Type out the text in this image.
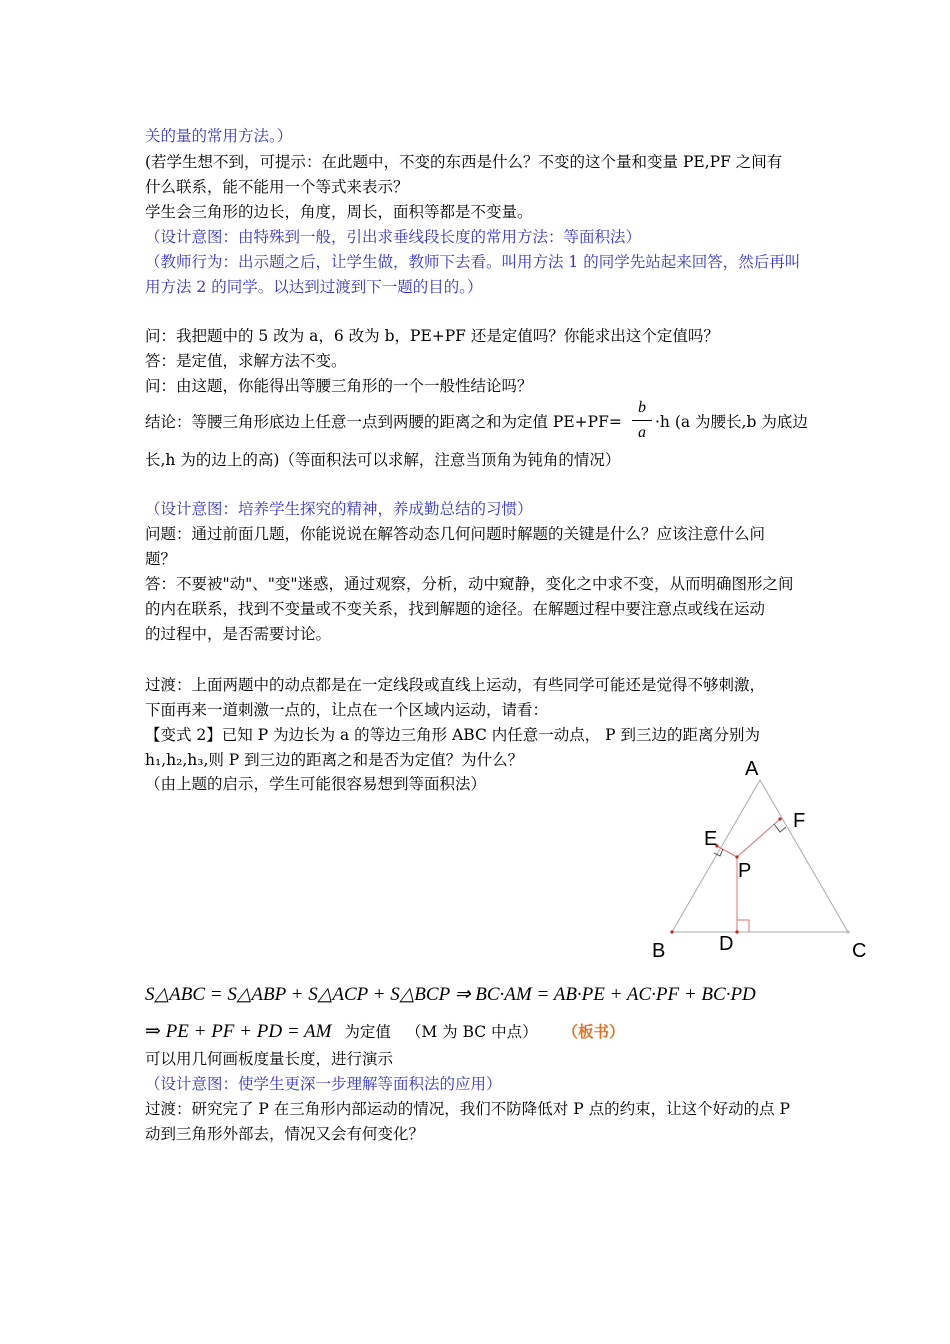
关的量的常用方法。）
(若学生想不到，可提示：在此题中，不变的东西是什么？不变的这个量和变量 PE,PF 之间有
什么联系，能不能用一个等式来表示？
学生会三角形的边长，角度，周长，面积等都是不变量。
（设计意图：由特殊到一般，引出求垂线段长度的常用方法：等面积法）
（教师行为：出示题之后，让学生做，教师下去看。叫用方法 1 的同学先站起来回答，然后再叫
用方法 2 的同学。以达到过渡到下一题的目的。）
问：我把题中的 5 改为 a，6 改为 b，PE+PF 还是定值吗？你能求出这个定值吗？
答：是定值，求解方法不变。
问：由这题，你能得出等腰三角形的一个一般性结论吗？
结论：等腰三角形底边上任意一点到两腰的距离之和为定值 PE+PF=
b
a
·h (a 为腰长,b 为底边
长,h 为的边上的高)（等面积法可以求解，注意当顶角为钝角的情况）
（设计意图：培养学生探究的精神，养成勤总结的习惯）
问题：通过前面几题，你能说说在解答动态几何问题时解题的关键是什么？应该注意什么问
题？
答：不要被"动"、"变"迷惑，通过观察，分析，动中窥静，变化之中求不变，从而明确图形之间
的内在联系，找到不变量或不变关系，找到解题的途径。在解题过程中要注意点或线在运动
的过程中，是否需要讨论。
过渡：上面两题中的动点都是在一定线段或直线上运动，有些同学可能还是觉得不够刺激，
下面再来一道刺激一点的，让点在一个区域内运动，请看：
【变式 2】已知 P 为边长为 a 的等边三角形 ABC 内任意一动点， P 到三边的距离分别为
h₁,h₂,h₃,则 P 到三边的距离之和是否为定值？为什么？
（由上题的启示，学生可能很容易想到等面积法）
A
F
E
P
D
B	C
S△ABC = S△ABP + S△ACP + S△BCP ⇒ BC·AM = AB·PE + AC·PF + BC·PD
⇒ PE + PF + PD = AM 为定值 （M 为 BC 中点） （板书）
可以用几何画板度量长度，进行演示
（设计意图：使学生更深一步理解等面积法的应用）
过渡：研究完了 P 在三角形内部运动的情况，我们不防降低对 P 点的约束，让这个好动的点 P
动到三角形外部去，情况又会有何变化？
